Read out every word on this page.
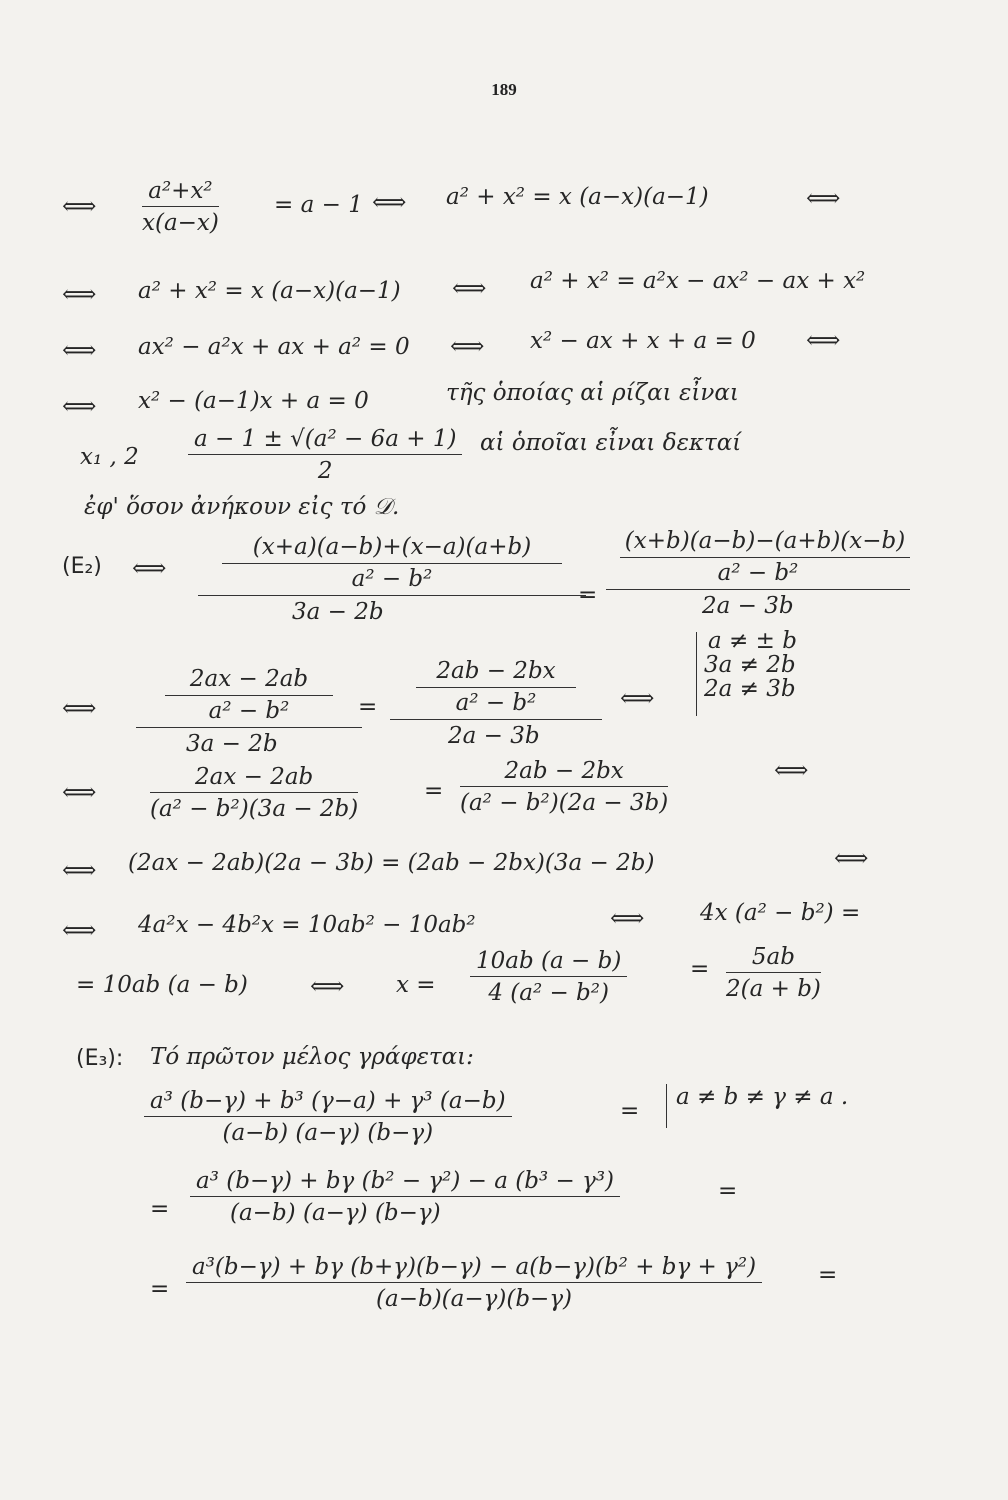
189
⟺ $\frac{\text{a²+x²}}{x(a-x)} = a - 1$ ⟺ a² + x² = x (a−x)(a−1)	⟺
⟺ a² + x² = x (a−x)(a−1) ⟺ a² + x² = a²x − ax² − ax + x²
⟺ ax² − a²x + ax + a² = 0 ⟺ x² − ax + x + a = 0 ⟺
⟺ x² − (a−1)x + a = 0	τῆς ὁποίας αἱ ρίζαι εἶναι
x₁ , $2 \frac{\text{a − 1 ± √(a² − 6a + 1)}}{2}$ αἱ ὁποῖαι εἶναι δεκταί
ἐφ' ὅσον ἀνήκουν εἰς τό 𝒟.
(E₂) ⟺
(x+a)(a−b)+(x−a)(a+b)
a² − b²
3a − 2b
=
(x+b)(a−b)−(a+b)(x−b)
a² − b²
2a − 3b
⟺
2ax − 2ab
a² − b²
3a − 2b
=
2ab − 2bx
a² − b²
2a − 3b
⟺
a ≠ ± b
3a ≠ 2b
2a ≠ 3b
⟺ $\frac{2ax - 2ab}{\text{(a² − b²)(3a − 2b)}}$	= $\frac{2ab - 2bx}{\text{(a² − b²)(2a − 3b)}}$	⟺
⟺ (2ax − 2ab)(2a − 3b) = (2ab − 2bx)(3a − 2b)	⟺
⟺ 4a²x − 4b²x = 10ab² − 10ab²	⟺ 4x (a² − b²) =
= 10ab (a − b)	⟺ $x = \frac{10ab (a - b)}{\text{4 (a² − b²)}}$	= $\frac{5ab}{2(a + b)}$
(E₃): Τό πρῶτον μέλος γράφεται:
$\frac{\text{a³ (b−γ) + b³ (γ−a) + γ³ (a−b)}}{(a-b) (a-\gamma) (b-\gamma)}$	=
a ≠ b ≠ γ ≠ a .
= $\frac{\text{a³ (b−γ) + bγ (b² − γ²) − a (b³ − γ³)}}{(a-b) (a-\gamma) (b-\gamma)}$	=
= $\frac{\text{a³(b−γ) + bγ (b+γ)(b−γ) − a(b−γ)(b² + bγ + γ²)}}{(a-b)(a-\gamma)(b-\gamma)}$ =
